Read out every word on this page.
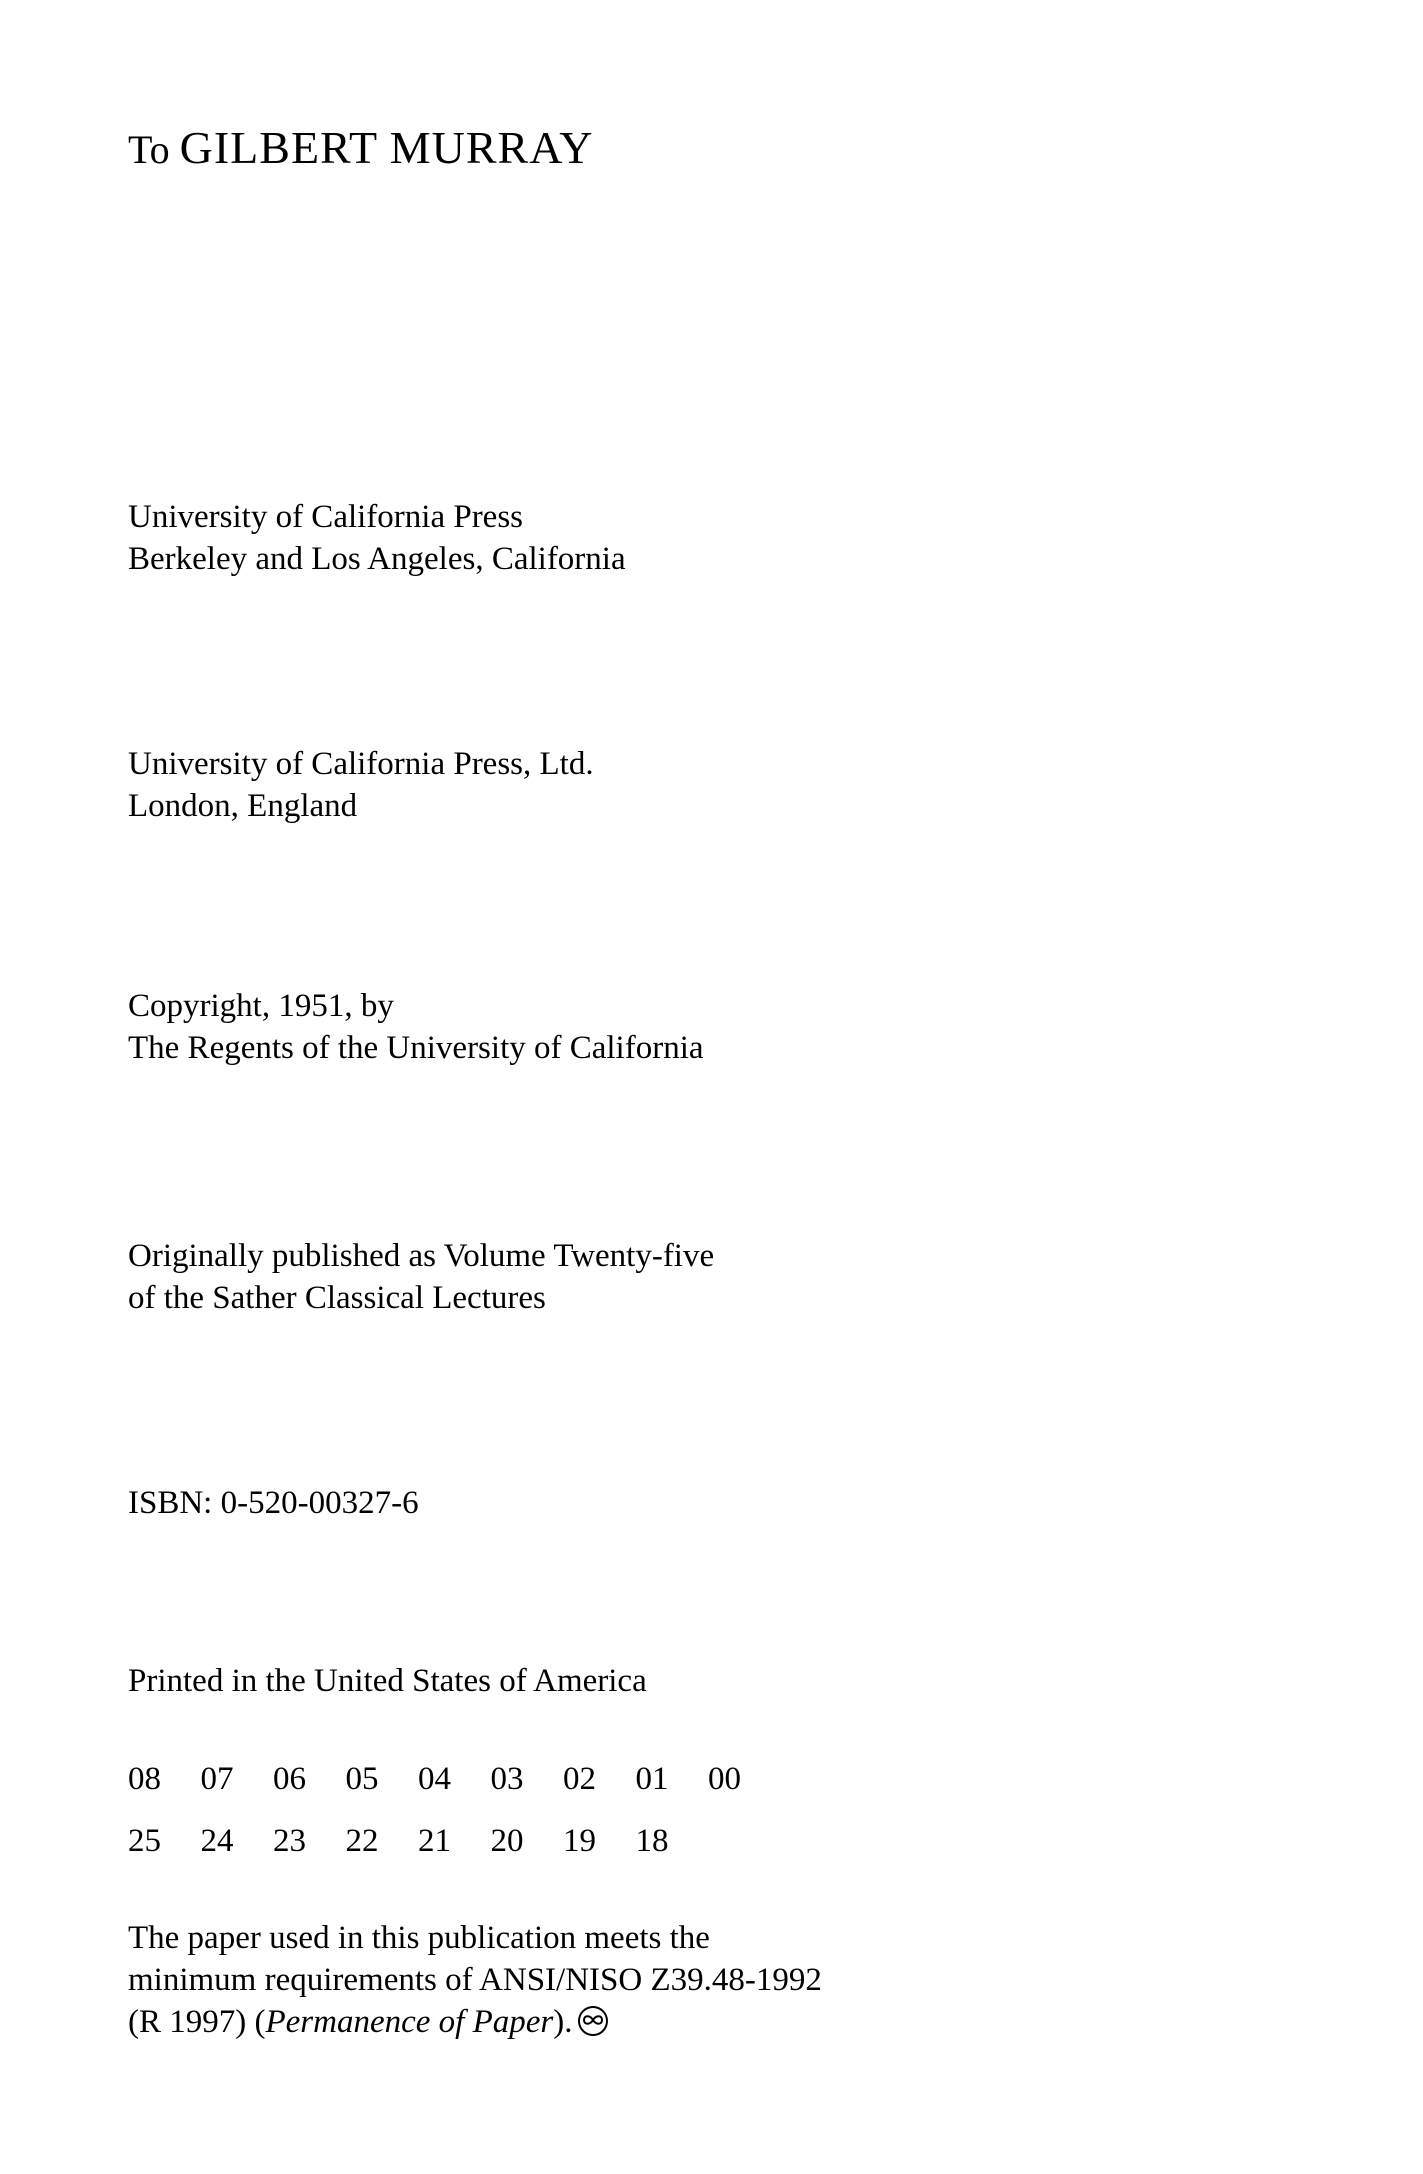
To GILBERT MURRAY

University of California Press
Berkeley and Los Angeles, California

University of California Press, Ltd.
London, England

Copyright, 1951, by
The Regents of the University of California

Originally published as Volume Twenty-five
of the Sather Classical Lectures

ISBN: 0-520-00327-6

Printed in the United States of America

08 07 06 05 04 03 02 01 00
25 24 23 22 21 20 19 18

The paper used in this publication meets the
minimum requirements of ANSI/NISO Z39.48-1992
(R 1997) (Permanence of Paper).
